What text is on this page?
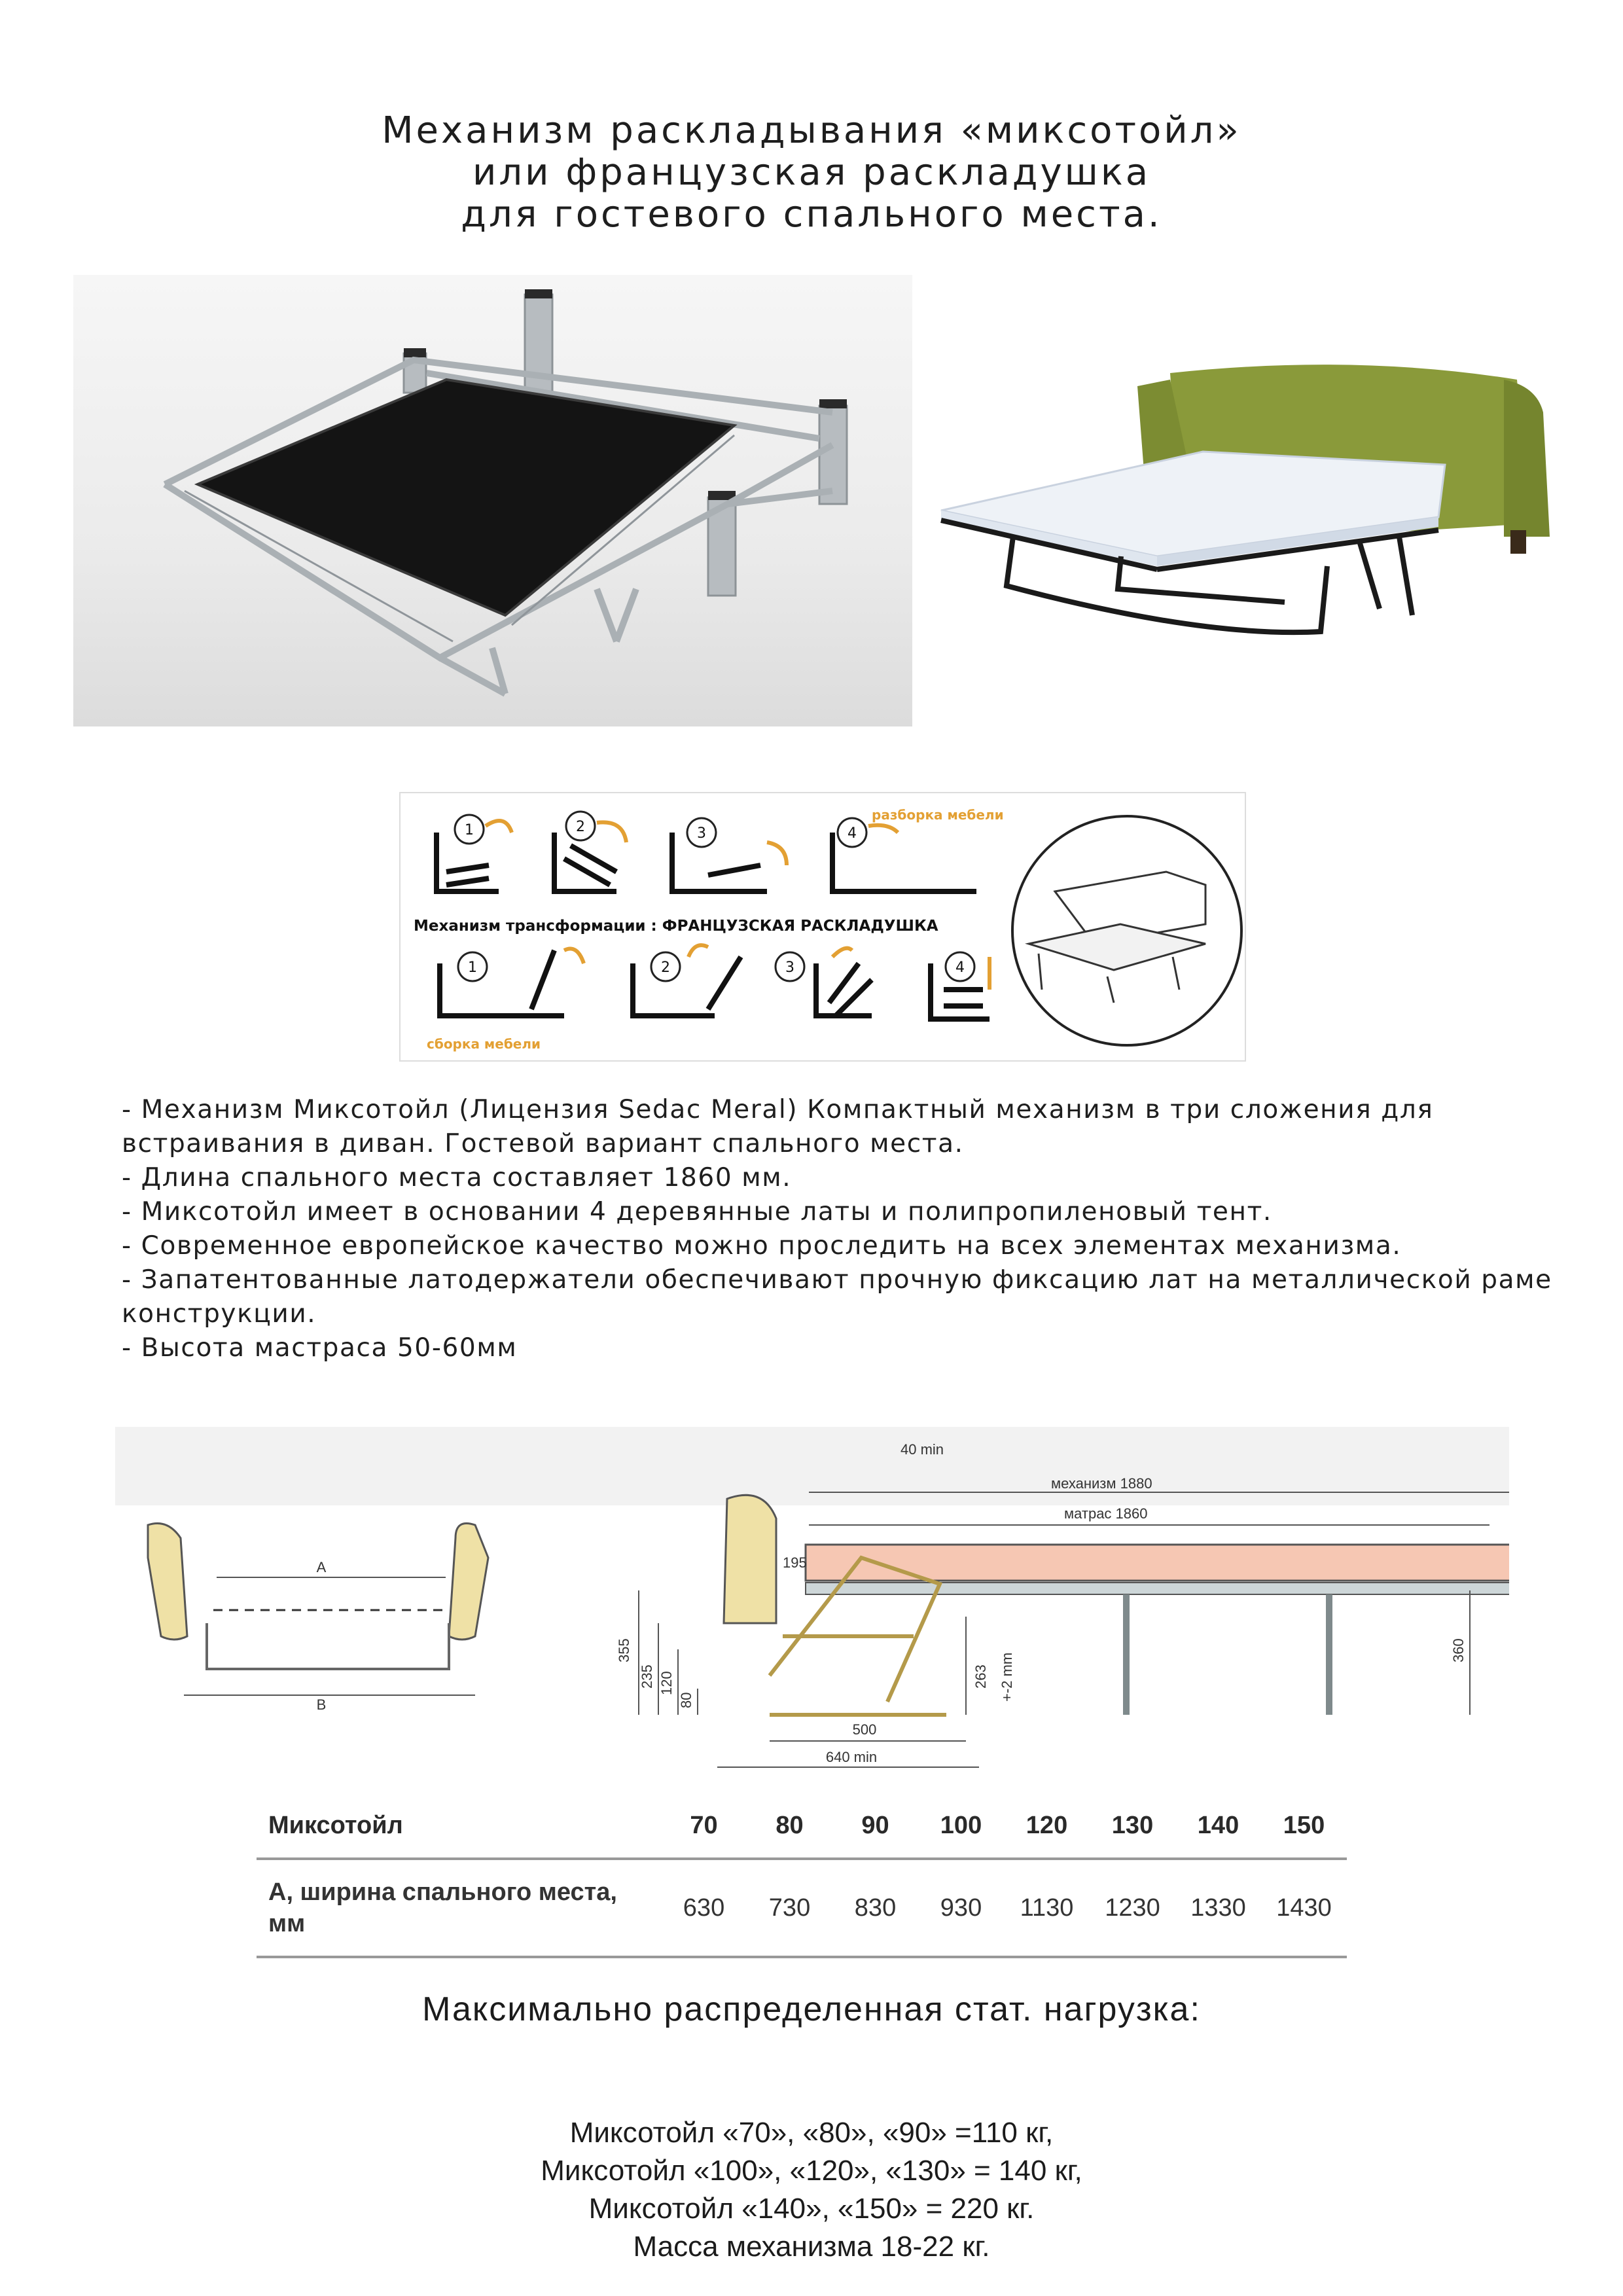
Механизм раскладывания «миксотойл»
или французская раскладушка
для гостевого спального места.
1	2	3	4
разборка мебели
Механизм трансформации : ФРАНЦУЗСКАЯ РАСКЛАДУШКА
1	2	3	4
сборка мебели
- Механизм Миксотойл (Лицензия Sedac Meral) Компактный механизм в три сложения для
встраивания в диван. Гостевой вариант спального места.
- Длина спального места составляет 1860 мм.
- Миксотойл имеет в основании 4 деревянные латы и полипропиленовый тент.
- Современное европейское качество можно проследить на всех элементах механизма.
- Запатентованные латодержатели обеспечивают прочную фиксацию лат на металлической раме
конструкции.
- Высота мастраса 50-60мм
A
B
40 min
механизм 1880
матрас 1860
195
355
235 120
80
263 +-2 mm
360
500
640 min
Миксотойл	70	80	90	100	120	130	140	150

А, ширина спального места,
мм	630	730	830	930	1130	1230	1330	1430
Максимально распределенная стат. нагрузка:
Миксотойл «70», «80», «90» =110 кг,
Миксотойл «100», «120», «130» = 140 кг,
Миксотойл «140», «150» = 220 кг.
Масса механизма 18-22 кг.
